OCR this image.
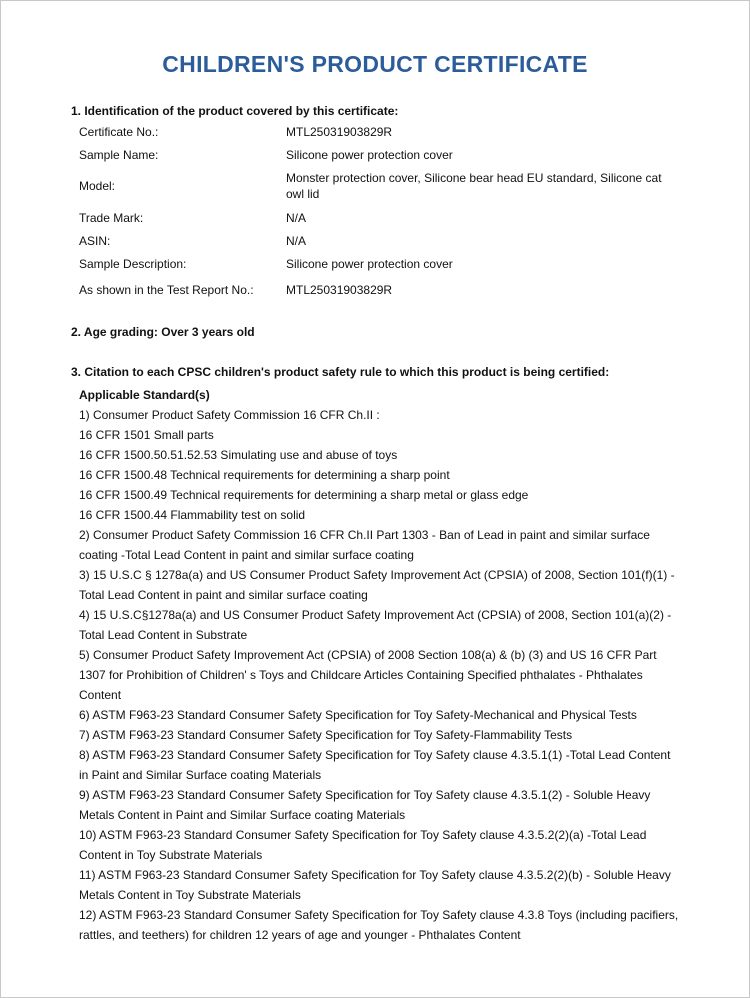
CHILDREN'S PRODUCT CERTIFICATE
1. Identification of the product covered by this certificate:
Certificate No.:	MTL25031903829R
Sample Name:	Silicone power protection cover
Model:
Monster protection cover, Silicone bear head EU standard, Silicone cat owl lid
Trade Mark:	N/A
ASIN:	N/A
Sample Description:	Silicone power protection cover
As shown in the Test Report No.:	MTL25031903829R
2. Age grading: Over 3 years old
3. Citation to each CPSC children's product safety rule to which this product is being certified:
Applicable Standard(s)
1) Consumer Product Safety Commission 16 CFR Ch.II :
16 CFR 1501 Small parts
16 CFR 1500.50.51.52.53 Simulating use and abuse of toys
16 CFR 1500.48 Technical requirements for determining a sharp point
16 CFR 1500.49 Technical requirements for determining a sharp metal or glass edge
16 CFR 1500.44 Flammability test on solid
2) Consumer Product Safety Commission 16 CFR Ch.II Part 1303 - Ban of Lead in paint and similar surface coating -Total Lead Content in paint and similar surface coating
3) 15 U.S.C § 1278a(a) and US Consumer Product Safety Improvement Act (CPSIA) of 2008, Section 101(f)(1) -Total Lead Content in paint and similar surface coating
4) 15 U.S.C§1278a(a) and US Consumer Product Safety Improvement Act (CPSIA) of 2008, Section 101(a)(2) -Total Lead Content in Substrate
5) Consumer Product Safety Improvement Act (CPSIA) of 2008 Section 108(a) & (b) (3) and US 16 CFR Part 1307 for Prohibition of Children' s Toys and Childcare Articles Containing Specified phthalates - Phthalates Content
6) ASTM F963-23 Standard Consumer Safety Specification for Toy Safety-Mechanical and Physical Tests
7) ASTM F963-23 Standard Consumer Safety Specification for Toy Safety-Flammability Tests
8) ASTM F963-23 Standard Consumer Safety Specification for Toy Safety clause 4.3.5.1(1) -Total Lead Content in Paint and Similar Surface coating Materials
9) ASTM F963-23 Standard Consumer Safety Specification for Toy Safety clause 4.3.5.1(2) - Soluble Heavy Metals Content in Paint and Similar Surface coating Materials
10) ASTM F963-23 Standard Consumer Safety Specification for Toy Safety clause 4.3.5.2(2)(a) -Total Lead Content in Toy Substrate Materials
11) ASTM F963-23 Standard Consumer Safety Specification for Toy Safety clause 4.3.5.2(2)(b) - Soluble Heavy Metals Content in Toy Substrate Materials
12) ASTM F963-23 Standard Consumer Safety Specification for Toy Safety clause 4.3.8 Toys (including pacifiers, rattles, and teethers) for children 12 years of age and younger - Phthalates Content
